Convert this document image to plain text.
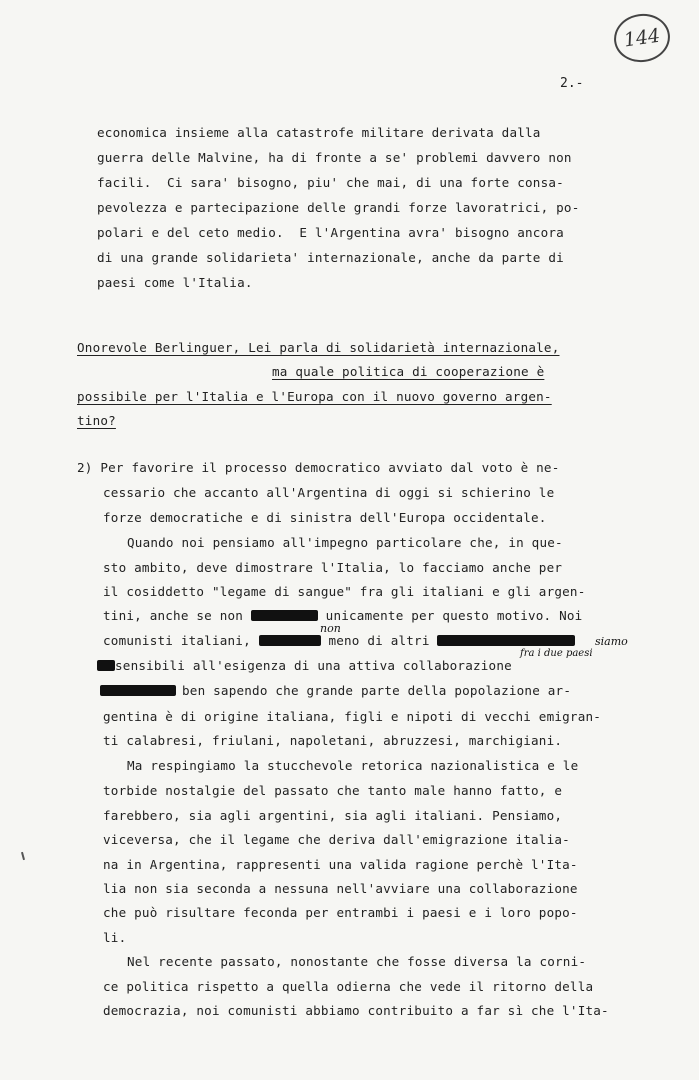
144
2.-
economica insieme alla catastrofe militare derivata dalla
guerra delle Malvine, ha di fronte a se' problemi davvero non
facili.  Ci sara' bisogno, piu' che mai, di una forte consa-
pevolezza e partecipazione delle grandi forze lavoratrici, po-
polari e del ceto medio.  E l'Argentina avra' bisogno ancora
di una grande solidarieta' internazionale, anche da parte di
paesi come l'Italia.
Onorevole Berlinguer, Lei parla di solidarietà internazionale,
ma quale politica di cooperazione è
possibile per l'Italia e l'Europa con il nuovo governo argen-
tino?
2) Per favorire il processo democratico avviato dal voto è ne-
cessario che accanto all'Argentina di oggi si schierino le
forze democratiche e di sinistra dell'Europa occidentale.
Quando noi pensiamo all'impegno particolare che, in que-
sto ambito, deve dimostrare l'Italia, lo facciamo anche per
il cosiddetto "legame di sangue" fra gli italiani e gli argen-
tini, anche se non	unicamente per questo motivo. Noi
non
comunisti italiani,	meno di altri	siamo
fra i due paesi
sensibili all'esigenza di una attiva collaborazione
ben sapendo che grande parte della popolazione ar-
gentina è di origine italiana, figli e nipoti di vecchi emigran-
ti calabresi, friulani, napoletani, abruzzesi, marchigiani.
Ma respingiamo la stucchevole retorica nazionalistica e le
torbide nostalgie del passato che tanto male hanno fatto, e
farebbero, sia agli argentini, sia agli italiani. Pensiamo,
viceversa, che il legame che deriva dall'emigrazione italia-
na in Argentina, rappresenti una valida ragione perchè l'Ita-
lia non sia seconda a nessuna nell'avviare una collaborazione
che può risultare feconda per entrambi i paesi e i loro popo-
li.
Nel recente passato, nonostante che fosse diversa la corni-
ce politica rispetto a quella odierna che vede il ritorno della
democrazia, noi comunisti abbiamo contribuito a far sì che l'Ita-
